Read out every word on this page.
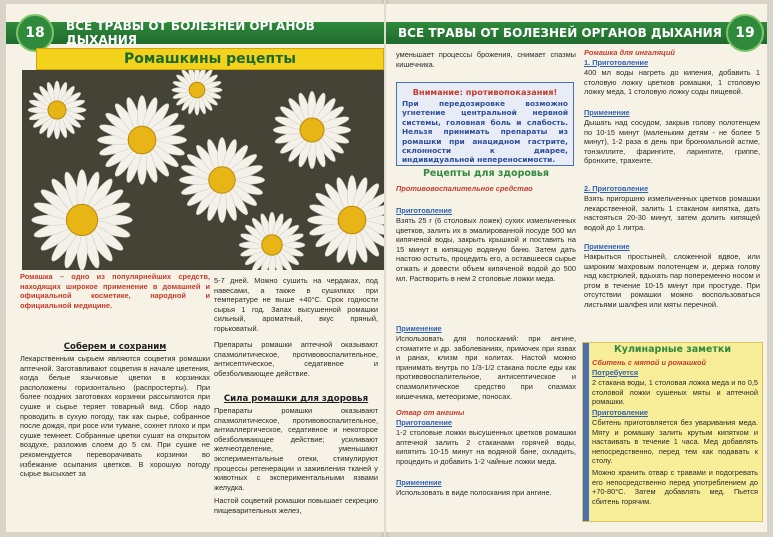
ВСЕ ТРАВЫ ОТ БОЛЕЗНЕЙ ОРГАНОВ ДЫХАНИЯ
18
Ромашкины рецепты
Ромашка – одно из популярнейших средств, находящих широкое применение в домашней и официальной косметике, народной и официальной медицине.
Соберем и сохраним
Лекарственным сырьем являются соцветия ромашки аптечной. Заготавливают соцветия в начале цветения, когда белые язычковые цветки в корзинках расположены горизонтально (распростерты). При более поздних заготовках корзинки рассыпаются при сушке и сырье теряет товарный вид. Сбор надо проводить в сухую погоду, так как сырье, собранное после дождя, при росе или тумане, сохнет плохо и при сушке темнеет. Собранные цветки сушат на открытом воздухе, разложив слоем до 5 см. При сушке не рекомендуется переворачивать корзинки во избежание осыпания цветков. В хорошую погоду сырье высыхает за
5-7 дней. Можно сушить на чердаках, под навесами, а также в сушилках при температуре не выше +40°С. Срок годности сырья 1 год. Запах высушенной ромашки сильный, ароматный, вкус пряный, горьковатый.
Препараты ромашки аптечной оказывают спазмолитическое, противовоспалительное, антисептическое, седативное и обезболивающее действие.
Сила ромашки для здоровья
Препараты ромашки оказывают спазмолитическое, противовоспалительное, антиаллергическое, седативное и некоторое обезболивающее действие; усиливают желчеотделение, уменьшают экспериментальные отеки, стимулируют процессы регенерации и заживления тканей у животных с экспериментальными язвами желудка.
Настой соцветий ромашки повышает секрецию пищеварительных желез,
ВСЕ ТРАВЫ ОТ БОЛЕЗНЕЙ ОРГАНОВ ДЫХАНИЯ 19
уменьшает процессы брожения, снимает спазмы кишечника.
Внимание: противопоказания!
При передозировке возможно угнетение центральной нервной системы, головная боль и слабость. Нельзя принимать препараты из ромашки при анацидном гастрите, склонности к диарее, индивидуальной непереносимости.
Рецепты для здоровья
Противовоспалительное средство
Приготовление
Взять 25 г (6 столовых ложек) сухих измельченных цветков, залить их в эмалированной посуде 500 мл кипяченой воды, закрыть крышкой и поставить на 15 минут в кипящую водяную баню. Затем дать настою остыть, процедить его, а оставшееся сырье отжать и довести объем кипяченой водой до 500 мл. Растворить в нем 2 столовые ложки меда.
Применение
Использовать для полосканий: при ангине, стоматите и др. заболеваниях, примочек при язвах и ранах, клизм при колитах. Настой можно принимать внутрь по 1/3-1/2 стакана после еды как противовоспалительное, антисептическое и спазмолитическое средство при спазмах кишечника, метеоризме, поносах.
Отвар от ангины
Приготовление
1-2 столовые ложки высушенных цветков ромашки аптечной залить 2 стаканами горячей воды, кипятить 10-15 минут на водяной бане, охладить, процедить и добавить 1-2 чайные ложки меда.
Применение
Использовать в виде полоскания при ангине.
Ромашка для ингаляций
1. Приготовление
400 мл воды нагреть до кипения, добавить 1 столовую ложку цветков ромашки, 1 столовую ложку меда, 1 столовую ложку соды пищевой.
Применение
Дышать над сосудом, закрыв голову полотенцем по 10-15 минут (маленьким детям - не более 5 минут), 1-2 раза в день при бронхиальной астме, тонзиллите, фарингите, ларингите, гриппе, бронхите, трахеите.
2. Приготовление
Взять пригоршню измельченных цветков ромашки лекарственной, залить 1 стаканом кипятка, дать настояться 20-30 минут, затем долить кипящей водой до 1 литра.
Применение
Накрыться простыней, сложенной вдвое, или широким махровым полотенцем и, держа голову над кастрюлей, вдыхать пар попеременно носом и ртом в течение 10-15 минут при простуде. При отсутствии ромашки можно воспользоваться листьями шалфея или мяты перечной.
Кулинарные заметки
Сбитень с мятой и ромашкой
Потребуется
2 стакана воды, 1 столовая ложка меда и по 0,5 столовой ложки сушеных мяты и аптечной ромашки.
Приготовление
Сбитень приготовляется без уваривания меда. Мяту и ромашку залить крутым кипятком и настаивать в течение 1 часа. Мед добавлять непосредственно, перед тем как подавать к столу.
Можно хранить отвар с травами и подогревать его непосредственно перед употреблением до +70-80°С. Затем добавлять мед. Пьется сбитень горячим.
